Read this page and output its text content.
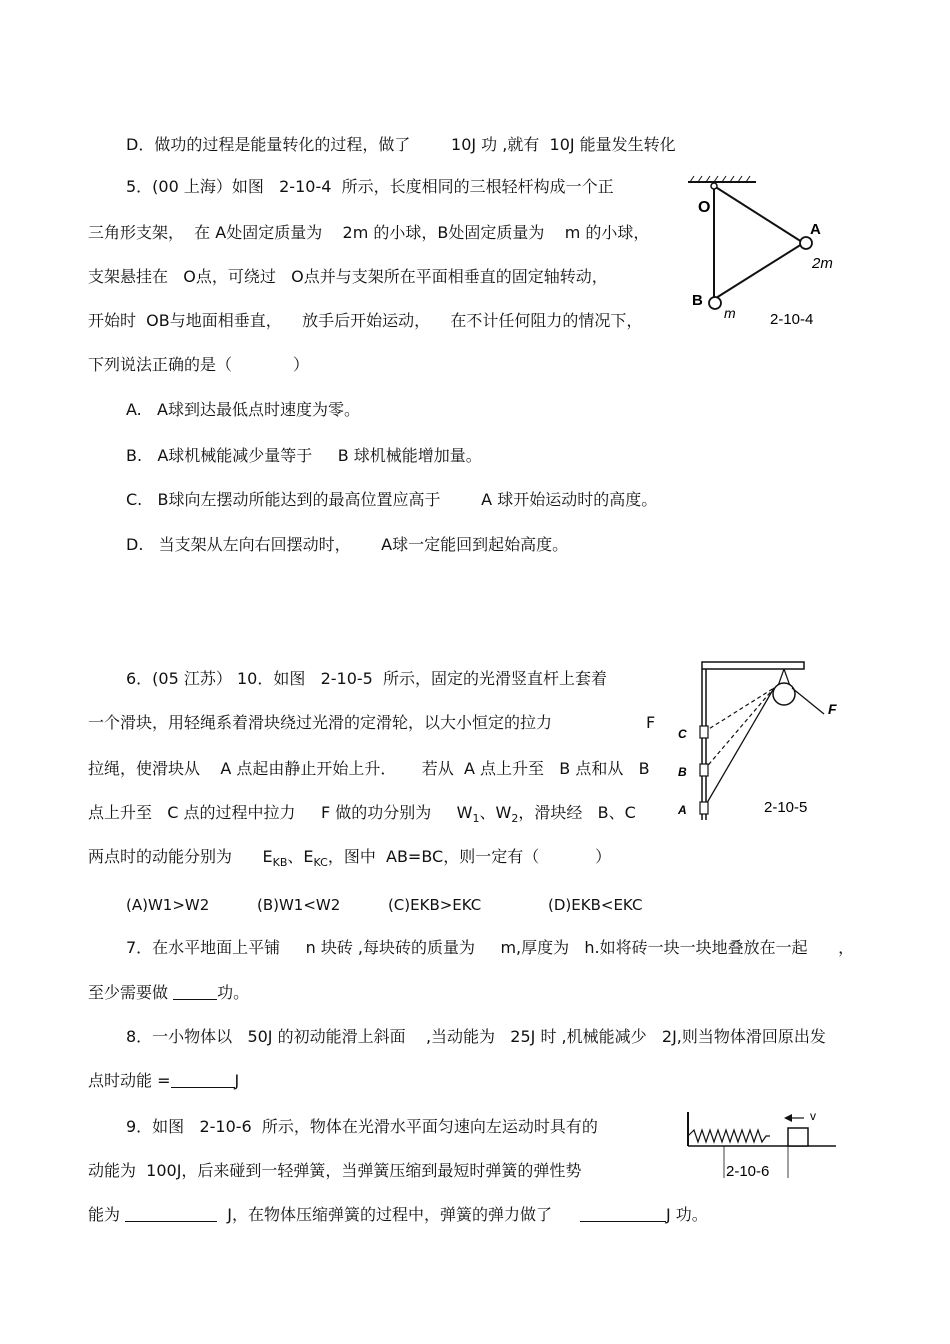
D．做功的过程是能量转化的过程，做了        10J 功 ,就有  10J 能量发生转化
5．(00 上海）如图   2-10-4  所示，长度相同的三根轻杆构成一个正
三角形支架，  在 A处固定质量为    2m 的小球，B处固定质量为    m 的小球，
支架悬挂在   O点，可绕过   O点并与支架所在平面相垂直的固定轴转动，
开始时  OB与地面相垂直，    放手后开始运动，    在不计任何阻力的情况下，
下列说法正确的是（            ）
A.   A球到达最低点时速度为零。
B.   A球机械能减少量等于     B 球机械能增加量。
C.   B球向左摆动所能达到的最高位置应高于        A 球开始运动时的高度。
D.   当支架从左向右回摆动时，      A球一定能回到起始高度。
O
A
B
2m
m 2-10-4
6．(05 江苏） 10．如图   2-10-5  所示，固定的光滑竖直杆上套着
一个滑块，用轻绳系着滑块绕过光滑的定滑轮，以大小恒定的拉力	F
拉绳，使滑块从    A 点起由静止开始上升．     若从  A 点上升至   B 点和从   B
点上升至   C 点的过程中拉力     F 做的功分别为     $W_1$、$W_2$，滑块经   B、C
两点时的动能分别为      $E_{KB}$、$E_{KC}$，图中  AB=BC，则一定有（           ）
(A)W1>W2          (B)W1<W2          (C)EKB>EKC              (D)EKB<EKC
C
B
A
F
2-10-5
7．在水平地面上平铺     n 块砖 ,每块砖的质量为     m,厚度为   h.如将砖一块一块地叠放在一起      ，
至少需要做	功。
8．一小物体以   50J 的初动能滑上斜面    ,当动能为   25J 时 ,机械能减少   2J,则当物体滑回原出发
点时动能 =	J
9．如图   2-10-6  所示，物体在光滑水平面匀速向左运动时具有的
动能为  100J，后来碰到一轻弹簧，当弹簧压缩到最短时弹簧的弹性势
能为	J，在物体压缩弹簧的过程中，弹簧的弹力做了	J 功。
v
2-10-6
